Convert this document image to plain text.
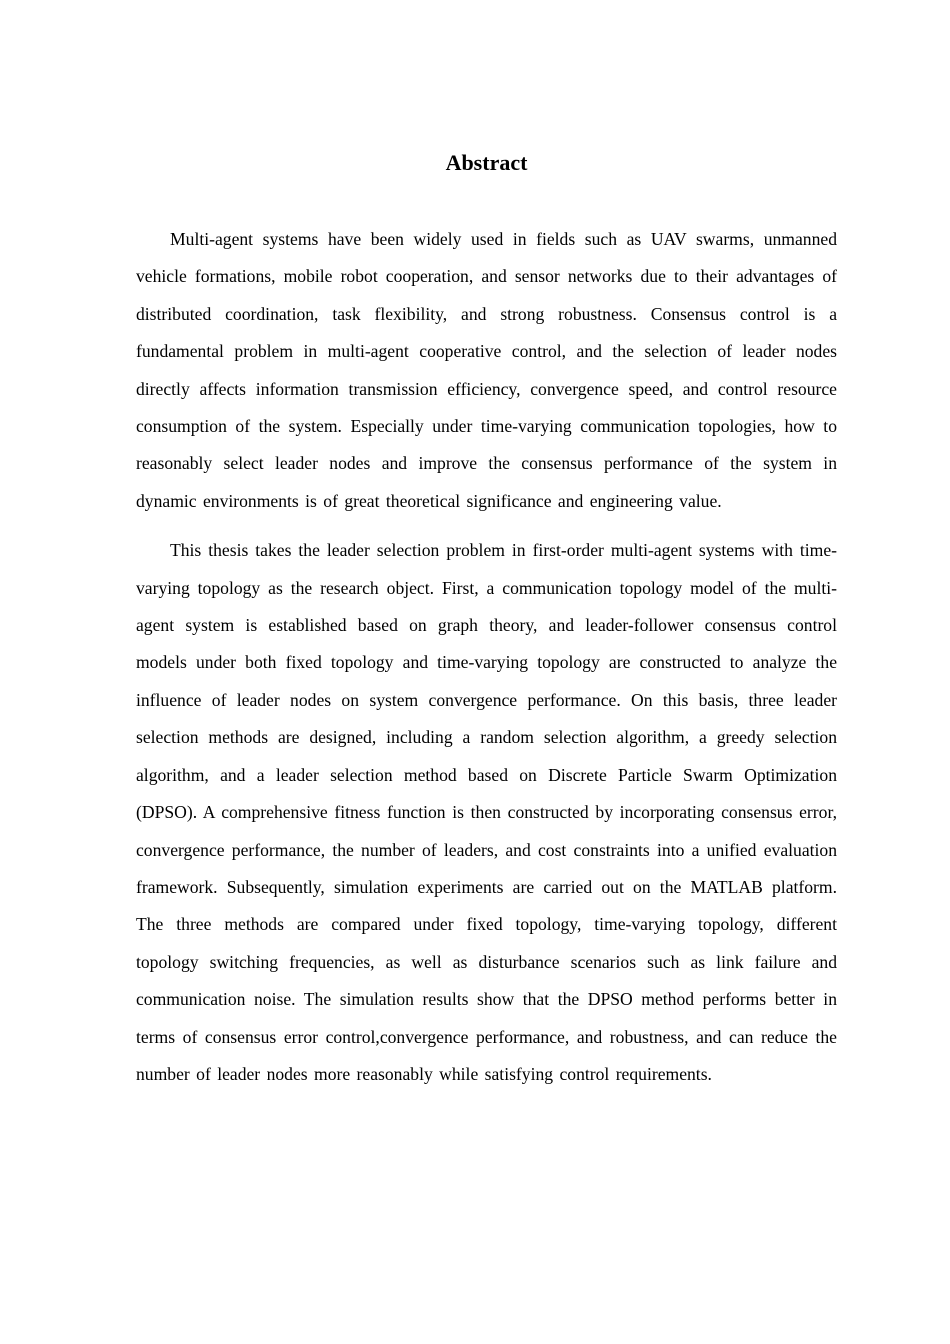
Abstract

Multi-agent systems have been widely used in fields such as UAV swarms, unmanned vehicle formations, mobile robot cooperation, and sensor networks due to their advantages of distributed coordination, task flexibility, and strong robustness. Consensus control is a fundamental problem in multi-agent cooperative control, and the selection of leader nodes directly affects information transmission efficiency, convergence speed, and control resource consumption of the system. Especially under time-varying communication topologies, how to reasonably select leader nodes and improve the consensus performance of the system in dynamic environments is of great theoretical significance and engineering value.

This thesis takes the leader selection problem in first-order multi-agent systems with time-varying topology as the research object. First, a communication topology model of the multi-agent system is established based on graph theory, and leader-follower consensus control models under both fixed topology and time-varying topology are constructed to analyze the influence of leader nodes on system convergence performance. On this basis, three leader selection methods are designed, including a random selection algorithm, a greedy selection algorithm, and a leader selection method based on Discrete Particle Swarm Optimization (DPSO). A comprehensive fitness function is then constructed by incorporating consensus error, convergence performance, the number of leaders, and cost constraints into a unified evaluation framework. Subsequently, simulation experiments are carried out on the MATLAB platform. The three methods are compared under fixed topology, time-varying topology, different topology switching frequencies, as well as disturbance scenarios such as link failure and communication noise. The simulation results show that the DPSO method performs better in terms of consensus error control,convergence performance, and robustness, and can reduce the number of leader nodes more reasonably while satisfying control requirements.
